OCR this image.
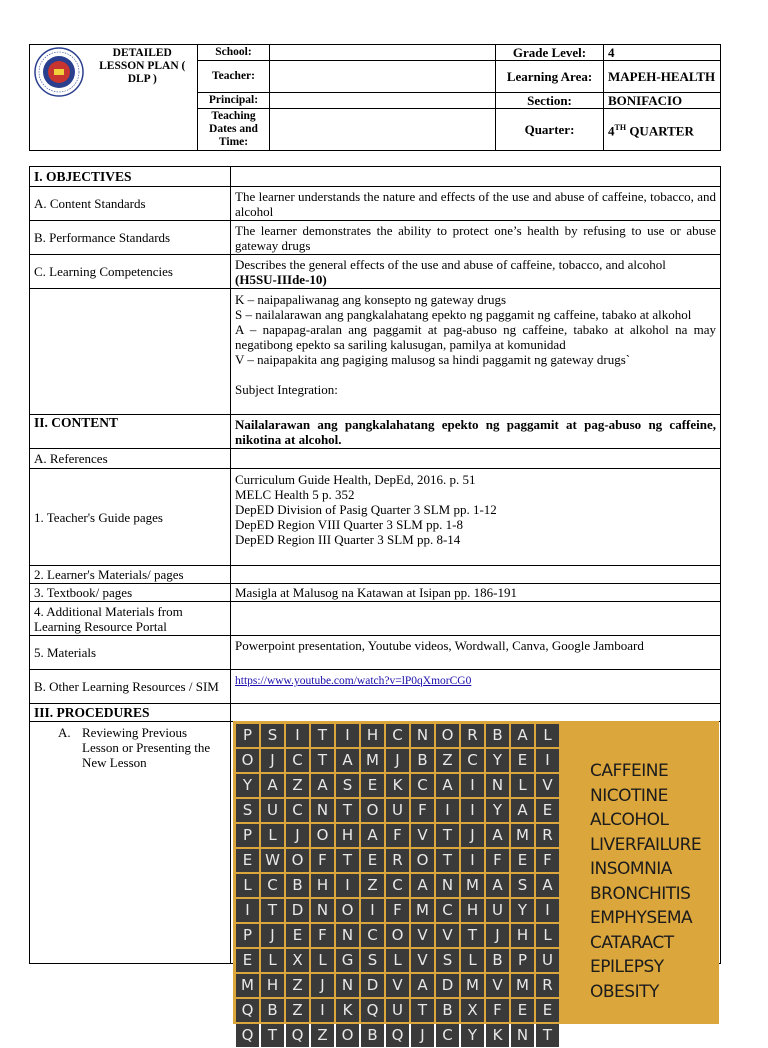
	DETAILED LESSON PLAN ( DLP )	School:		Grade Level:	4
		Teacher:		Learning Area:	MAPEH-HEALTH
		Principal:		Section:	BONIFACIO
		Teaching Dates and Time:		Quarter:	4TH QUARTER
I. OBJECTIVES	
A. Content Standards	The learner understands the nature and effects of the use and abuse of caffeine, tobacco, and alcohol
B. Performance Standards	The learner demonstrates the ability to protect one’s health by refusing to use or abuse gateway drugs
C. Learning Competencies	Describes the general effects of the use and abuse of caffeine, tobacco, and alcohol
(H5SU-IIIde-10)

	K – naipapaliwanag ang konsepto ng gateway drugs
S – nailalarawan ang pangkalahatang epekto ng paggamit ng caffeine, tabako at alkohol
A – napapag-aralan ang paggamit at pag-abuso ng caffeine, tabako at alkohol na may negatibong epekto sa sariling kalusugan, pamilya at komunidad
V – naipapakita ang pagiging malusog sa hindi paggamit ng gateway drugs`
Subject Integration:

II. CONTENT	Nailalarawan ang pangkalahatang epekto ng paggamit at pag-abuso ng caffeine, nikotina at alcohol.
A. References	
1. Teacher's Guide pages	Curriculum Guide Health, DepEd, 2016. p. 51
MELC Health 5 p. 352
DepED Division of Pasig Quarter 3 SLM pp. 1-12
DepED Region VIII Quarter 3 SLM pp. 1-8
DepED Region III Quarter 3 SLM pp. 8-14

2. Learner's Materials/ pages	
3. Textbook/ pages	Masigla at Malusog na Katawan at Isipan pp. 186-191
4. Additional Materials from Learning Resource Portal	
5. Materials	Powerpoint presentation, Youtube videos, Wordwall, Canva, Google Jamboard
B. Other Learning Resources / SIM	https://www.youtube.com/watch?v=lP0qXmorCG0
III. PROCEDURES	

A. Reviewing Previous Lesson or Presenting the New Lesson	

P	S	I	T	I	H C N O R B A	L
O	J	C	T	A M	J	B Z C	Y	E	I
Y	A Z A	S	E	K C A	I	N	L	V
S U C N T O U	F	I	I	Y	A	E
P	L	J	O H A	F	V	T	J	A M R
E W O F	T	E	R O T	I	F	E	F
L	C B H	I	Z C A N M A	S	A
I	T D N O	I	F M C H U Y	I
P	J	E	F	N C O V V	T	J	H	L
E	L	X	L	G S	L	V	S	L	B	P U
M H Z	J	N D V A D M V M R
Q B Z	I	K Q U T	B X	F	E	E
Q T Q Z O B Q	J	C	Y	K N T
CAFFEINE
NICOTINE
ALCOHOL
LIVERFAILURE
INSOMNIA
BRONCHITIS
EMPHYSEMA
CATARACT
EPILEPSY
OBESITY
